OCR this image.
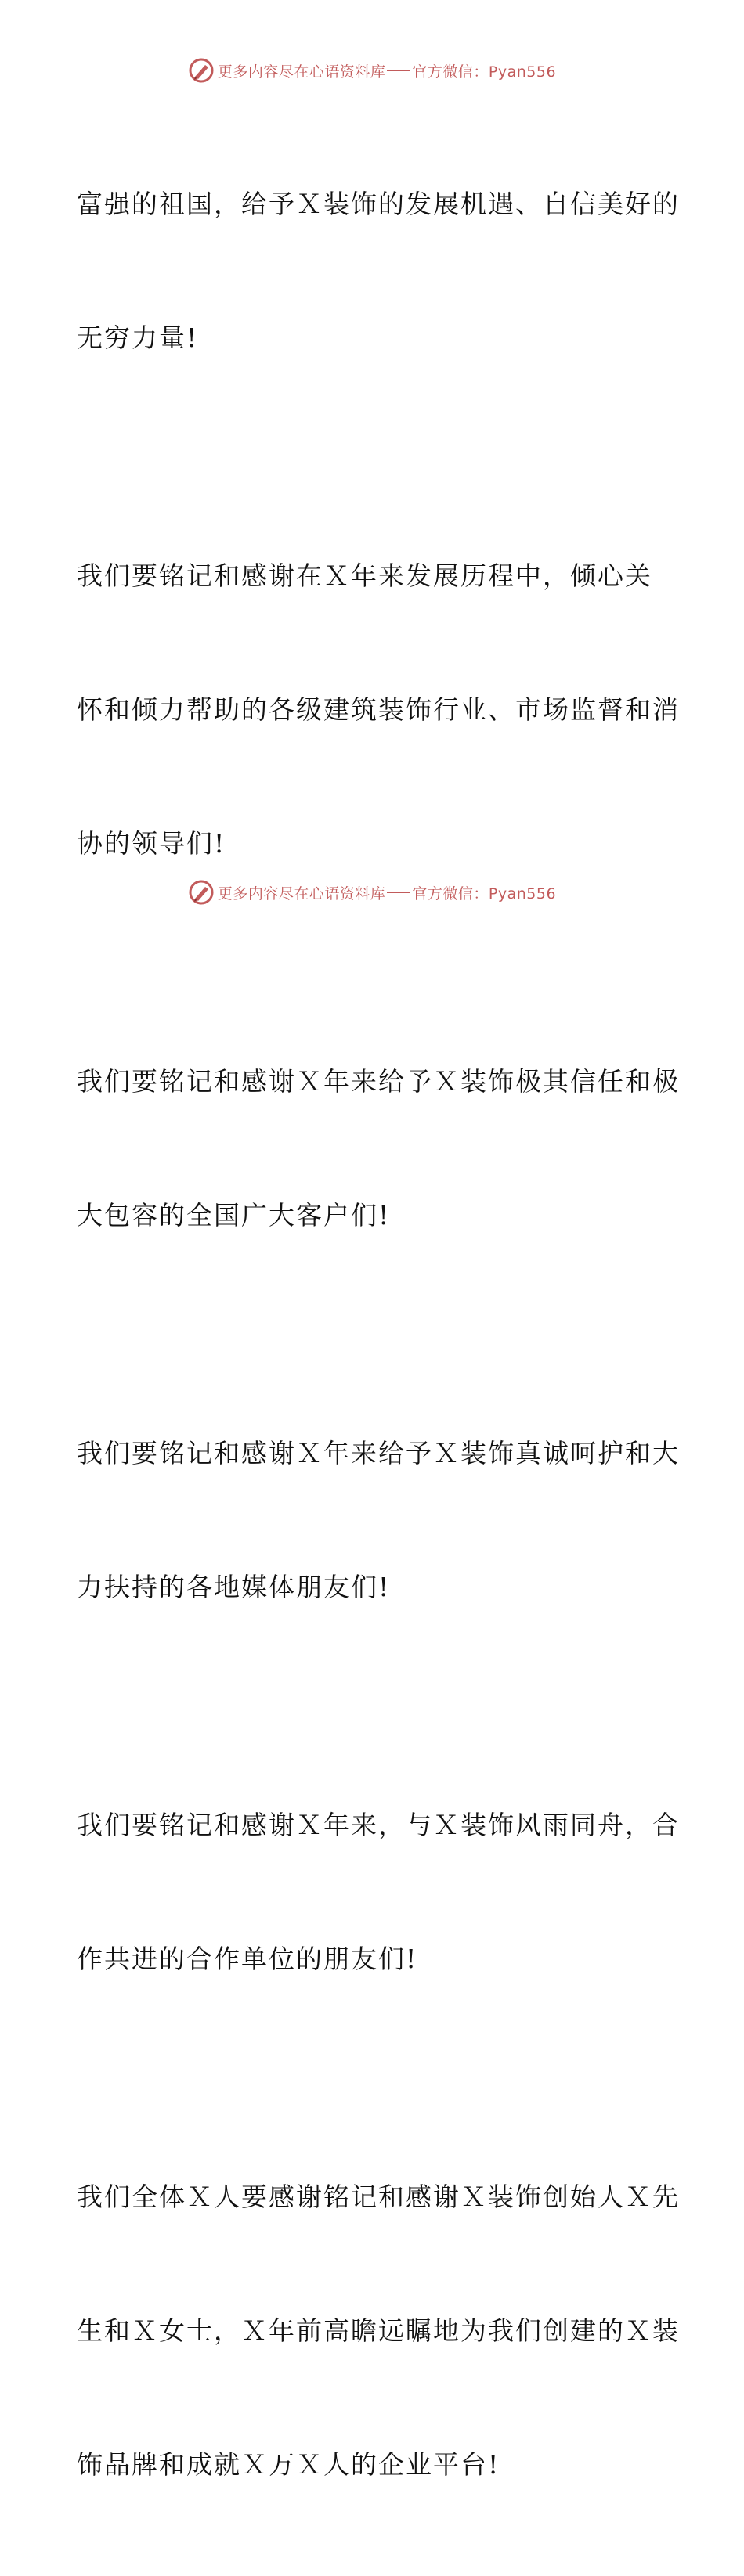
更多内容尽在心语资料库 官方微信：Pyan556

富强的祖国，给予Ｘ装饰的发展机遇、自信美好的

无穷力量!

我们要铭记和感谢在Ｘ年来发展历程中，倾心关

怀和倾力帮助的各级建筑装饰行业、市场监督和消

协的领导们!

我们要铭记和感谢Ｘ年来给予Ｘ装饰极其信任和极

大包容的全国广大客户们!

我们要铭记和感谢Ｘ年来给予Ｘ装饰真诚呵护和大

力扶持的各地媒体朋友们!

我们要铭记和感谢Ｘ年来，与Ｘ装饰风雨同舟，合

作共进的合作单位的朋友们!

我们全体Ｘ人要感谢铭记和感谢Ｘ装饰创始人Ｘ先

生和Ｘ女士，Ｘ年前高瞻远瞩地为我们创建的Ｘ装

饰品牌和成就Ｘ万Ｘ人的企业平台!

更多内容尽在心语资料库 官方微信：Pyan556
